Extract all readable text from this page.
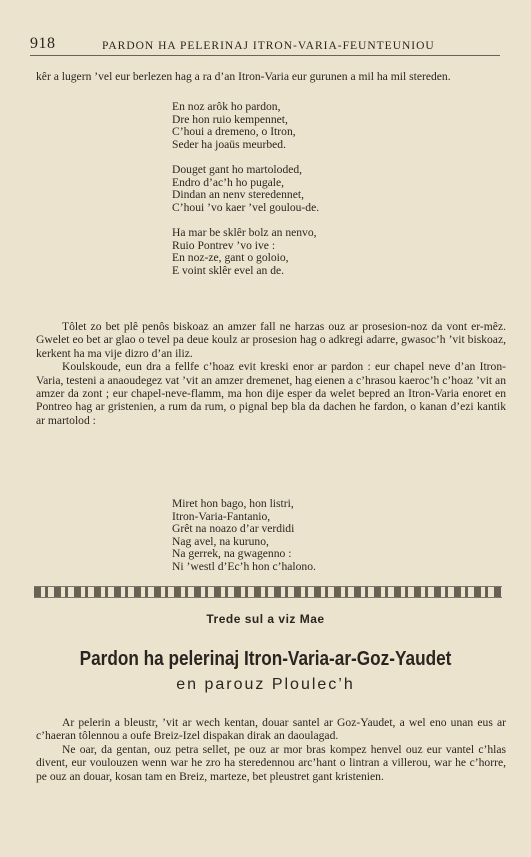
918	PARDON HA PELERINAJ ITRON-VARIA-FEUNTEUNIOU

kêr a lugern ’vel eur berlezen hag a ra d’an Itron-Varia eur gurunen a mil ha mil stereden.

En noz arôk ho pardon,
Dre hon ruio kempennet,
C’houi a dremeno, o Itron,
Seder ha joaüs meurbed.

Douget gant ho martoloded,
Endro d’ac’h ho pugale,
Dindan an nenv steredennet,
C’houi ’vo kaer ’vel goulou-de.

Ha mar be sklêr bolz an nenvo,
Ruio Pontrev ’vo ive :
En noz-ze, gant o goloio,
E voint sklêr evel an de.

Tôlet zo bet plê penôs biskoaz an amzer fall ne harzas ouz ar prosesion-noz da vont er-mêz. Gwelet eo bet ar glao o tevel pa deue koulz ar prosesion hag o adkregi adarre, gwasoc’h ’vit biskoaz, kerkent ha ma vije dizro d’an iliz.

Koulskoude, eun dra a fellfe c’hoaz evit kreski enor ar pardon : eur chapel neve d’an Itron-Varia, testeni a anaoudegez vat ’vit an amzer dremenet, hag eienen a c’hrasou kaeroc’h c’hoaz ’vit an amzer da zont ; eur chapel-neve-flamm, ma hon dije esper da welet bepred an Itron-Varia enoret en Pontreo hag ar gristenien, a rum da rum, o pignal bep bla da dachen he fardon, o kanan d’ezi kantik ar martolod :

Miret hon bago, hon listri,
Itron-Varia-Fantanio,
Grêt na noazo d’ar verdidi
Nag avel, na kuruno,
Na gerrek, na gwagenno :
Ni ’westl d’Ec’h hon c’halono.
Trede sul a viz Mae
Pardon ha pelerinaj Itron-Varia-ar-Goz-Yaudet
en parouz Ploulec’h

Ar pelerin a bleustr, ’vit ar wech kentan, douar santel ar Goz-Yaudet, a wel eno unan eus ar c’haeran tôlennou a oufe Breiz-Izel dispakan dirak an daoulagad.

Ne oar, da gentan, ouz petra sellet, pe ouz ar mor bras kompez henvel ouz eur vantel c’hlas divent, eur voulouzen wenn war he zro ha steredennou arc’hant o lintran a villerou, war he c’horre, pe ouz an douar, kosan tam en Breiz, marteze, bet pleustret gant kristenien.
